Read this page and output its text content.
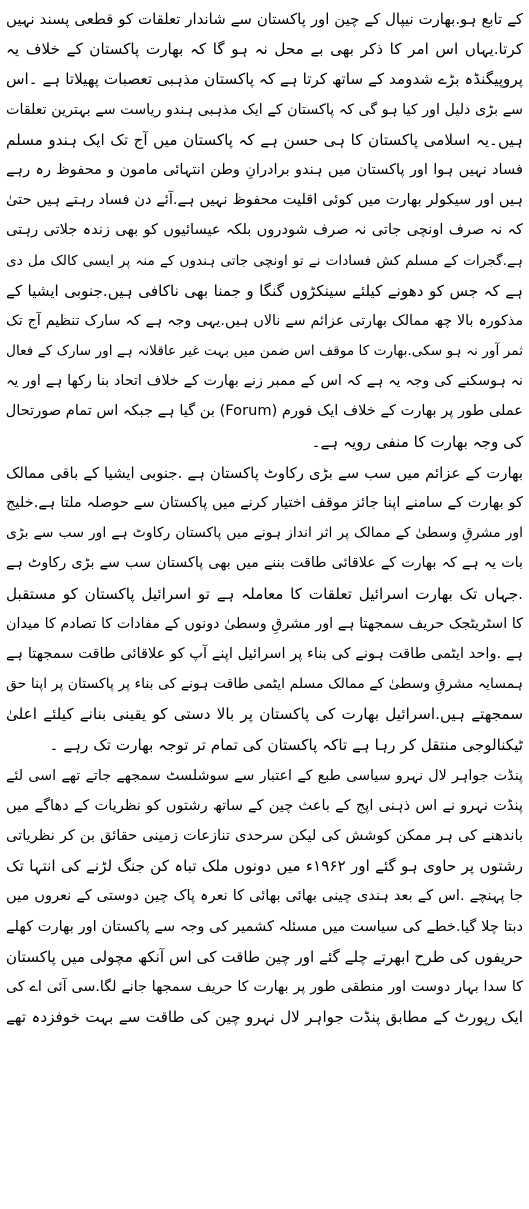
کے تابع ہو.بھارت نیپال کے چین اور پاکستان سے شاندار تعلقات کو قطعی پسند نہیں
کرتا.یہاں اس امر کا ذکر بھی بے محل نہ ہو گا کہ بھارت پاکستان کے خلاف یہ
پروپیگنڈہ بڑے شدومد کے ساتھ کرتا ہے کہ پاکستان مذہبی تعصبات پھیلاتا ہے ۔اس
سے بڑی دلیل اور کیا ہو گی کہ پاکستان کے ایک مذہبی ہندو ریاست سے بہترین تعلقات
ہیں۔یہ اسلامی پاکستان کا ہی حسن ہے کہ پاکستان میں آج تک ایک ہندو مسلم
فساد نہیں ہوا اور پاکستان میں ہندو برادرانِ وطن انتہائی مامون و محفوظ رہ رہے
ہیں اور سیکولر بھارت میں کوئی اقلیت محفوظ نہیں ہے.آئے دن فساد رہتے ہیں حتیٰ
کہ نہ صرف اونچی جاتی نہ صرف شودروں بلکہ عیسائیوں کو بھی زندہ جلاتی رہتی
ہے.گجرات کے مسلم کش فسادات نے تو اونچی جاتی ہندوں کے منہ پر ایسی کالک مل دی
ہے کہ جس کو دھونے کیلئے سینکڑوں گنگا و جمنا بھی ناکافی ہیں.جنوبی ایشیا کے
مذکورہ بالا چھ ممالک بھارتی عزائم سے نالاں ہیں.یہی وجہ ہے کہ سارک تنظیم آج تک
ثمر آور نہ ہو سکی.بھارت کا موقف اس ضمن میں بہت غیر عاقلانہ ہے اور سارک کے فعال
نہ ہوسکنے کی وجہ یہ ہے کہ اس کے ممبر زنے بھارت کے خلاف اتحاد بنا رکھا ہے اور یہ
عملی طور پر بھارت کے خلاف ایک فورم (Forum) بن گیا ہے جبکہ اس تمام صورتحال
کی وجہ بھارت کا منفی رویہ ہے۔
بھارت کے عزائم میں سب سے بڑی رکاوٹ پاکستان ہے .جنوبی ایشیا کے باقی ممالک
کو بھارت کے سامنے اپنا جائز موقف اختیار کرنے میں پاکستان سے حوصلہ ملتا ہے.خلیج
اور مشرقِ وسطیٰ کے ممالک پر اثر انداز ہونے میں پاکستان رکاوٹ ہے اور سب سے بڑی
بات یہ ہے کہ بھارت کے علاقائی طاقت بننے میں بھی پاکستان سب سے بڑی رکاوٹ ہے
.جہاں تک بھارت اسرائیل تعلقات کا معاملہ ہے تو اسرائیل پاکستان کو مستقبل
کا اسٹریٹجک حریف سمجھتا ہے اور مشرقِ وسطیٰ دونوں کے مفادات کا تصادم کا میدان
ہے .واحد ایٹمی طاقت ہونے کی بناء پر اسرائیل اپنے آپ کو علاقائی طاقت سمجھتا ہے
ہمسایہ مشرقِ وسطیٰ کے ممالک مسلم ایٹمی طاقت ہونے کی بناء پر پاکستان پر اپنا حق
سمجھتے ہیں.اسرائیل بھارت کی پاکستان پر بالا دستی کو یقینی بنانے کیلئے اعلیٰ
ٹیکنالوجی منتقل کر رہا ہے تاکہ پاکستان کی تمام تر توجہ بھارت تک رہے ۔
پنڈت جواہر لال نہرو سیاسی طبع کے اعتبار سے سوشلسٹ سمجھے جاتے تھے اسی لئے
پنڈت نہرو نے اس ذہنی اپج کے باعث چین کے ساتھ رشتوں کو نظریات کے دھاگے میں
باندھنے کی ہر ممکن کوشش کی لیکن سرحدی تنازعات زمینی حقائق بن کر نظریاتی
رشتوں پر حاوی ہو گئے اور ۱۹۶۲ء میں دونوں ملک تباہ کن جنگ لڑنے کی انتہا تک
جا پہنچے .اس کے بعد ہندی چینی بھائی بھائی کا نعرہ پاک چین دوستی کے نعروں میں
دبتا چلا گیا.خطے کی سیاست میں مسئلہ کشمیر کی وجہ سے پاکستان اور بھارت کھلے
حریفوں کی طرح ابھرتے چلے گئے اور چین طاقت کی اس آنکھ مچولی میں پاکستان
کا سدا بہار دوست اور منطقی طور پر بھارت کا حریف سمجھا جانے لگا.سی آئی اے کی
ایک رپورٹ کے مطابق پنڈت جواہر لال نہرو چین کی طاقت سے بہت خوفزدہ تھے
